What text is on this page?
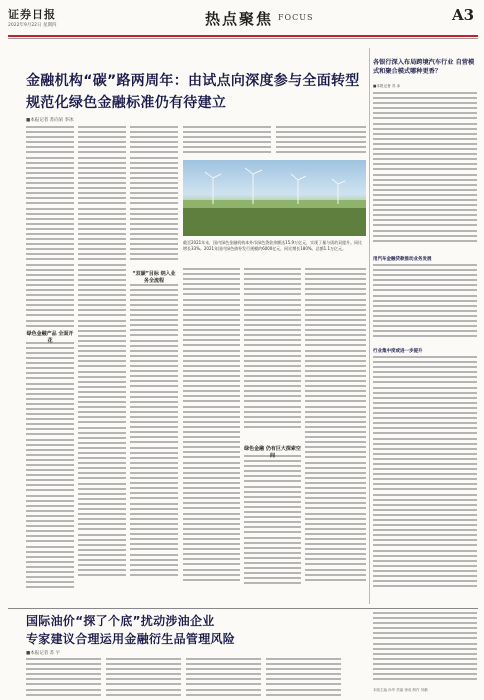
证券日报
2022年9月22日 星期四	热点聚焦 FOCUS	A3
金融机构“碳”路两周年：由试点向深度参与全面转型
规范化绿色金融标准仍有待建立
■本报记者 苏向杲 李冰
绿色金融产品 全面开花
“双碳”目标 纳入业务全流程
截至2021年末，国内绿色金融机构本外币绿色贷款余额达15.9万亿元，实现了量与质的双提升。同比增长33%。2021年国内绿色债券发行规模约6000亿元，同比增长180%。总额1.1万亿元。
绿色金融 仍有巨大探索空间
各银行深入布局跨境汽车行业 自营模式和聚合模式哪种更香？
■本报记者 苏 冰
用汽车金融贷款推动业务发展
行业集中度或进一步提升
国际油价“探了个底”扰动涉油企业
专家建议合理运用金融衍生品管理风险
■本报记者 苏 宇
本版主编 孙华 责编 徐成 制作 刘鹏
